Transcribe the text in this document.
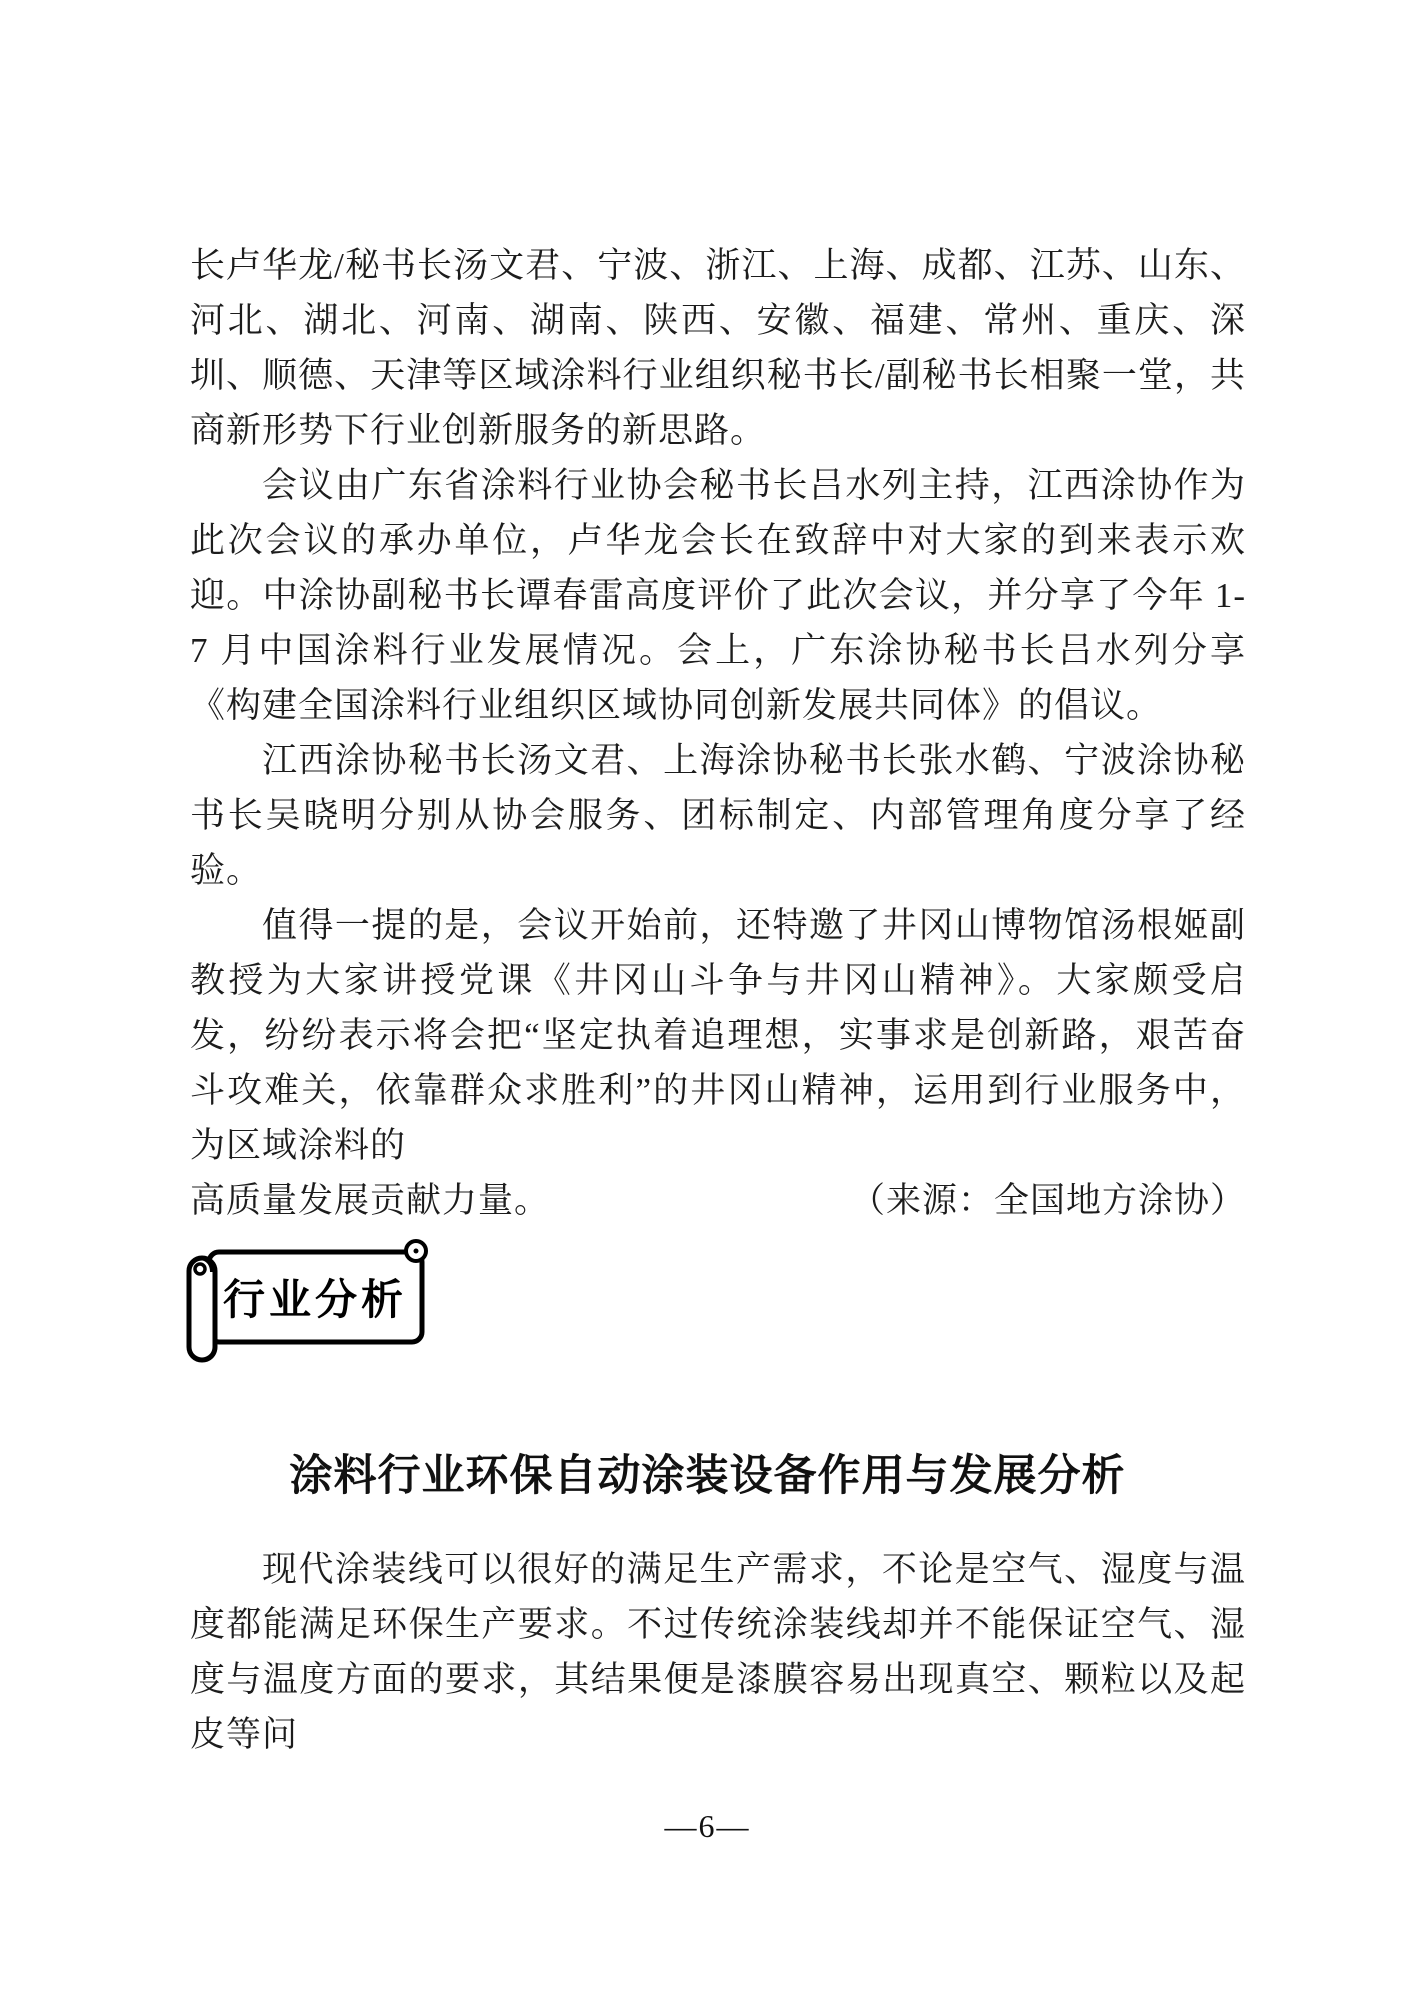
长卢华龙/秘书长汤文君、宁波、浙江、上海、成都、江苏、山东、河北、湖北、河南、湖南、陕西、安徽、福建、常州、重庆、深圳、顺德、天津等区域涂料行业组织秘书长/副秘书长相聚一堂，共商新形势下行业创新服务的新思路。

会议由广东省涂料行业协会秘书长吕水列主持，江西涂协作为此次会议的承办单位，卢华龙会长在致辞中对大家的到来表示欢迎。中涂协副秘书长谭春雷高度评价了此次会议，并分享了今年 1-7 月中国涂料行业发展情况。会上，广东涂协秘书长吕水列分享《构建全国涂料行业组织区域协同创新发展共同体》的倡议。

江西涂协秘书长汤文君、上海涂协秘书长张水鹤、宁波涂协秘书长吴晓明分别从协会服务、团标制定、内部管理角度分享了经验。

值得一提的是，会议开始前，还特邀了井冈山博物馆汤根姬副教授为大家讲授党课《井冈山斗争与井冈山精神》。大家颇受启发，纷纷表示将会把“坚定执着追理想，实事求是创新路，艰苦奋斗攻难关，依靠群众求胜利”的井冈山精神，运用到行业服务中，为区域涂料的

高质量发展贡献力量。	（来源：全国地方涂协）
行业分析
涂料行业环保自动涂装设备作用与发展分析

现代涂装线可以很好的满足生产需求，不论是空气、湿度与温度都能满足环保生产要求。不过传统涂装线却并不能保证空气、湿度与温度方面的要求，其结果便是漆膜容易出现真空、颗粒以及起皮等问

—6—
